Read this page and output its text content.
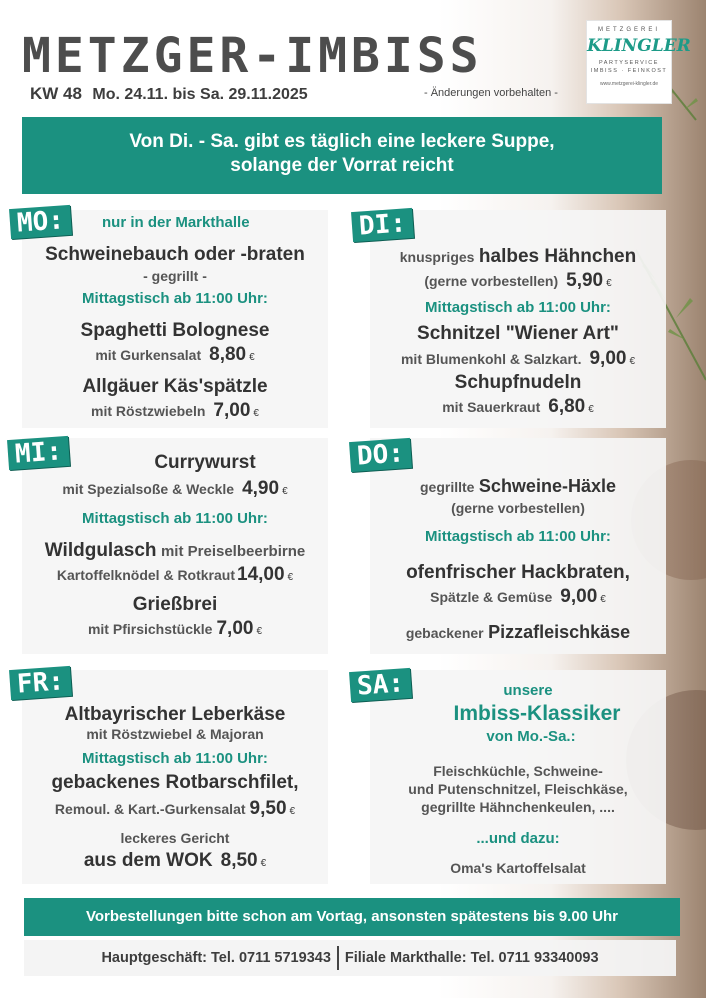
METZGER-IMBISS
KW 48 Mo. 24.11. bis Sa. 29.11.2025	- Änderungen vorbehalten -
METZGEREI
KLINGLER
PARTYSERVICE
IMBISS · FEINKOST
www.metzgerei-klingler.de
Von Di. - Sa. gibt es täglich eine leckere Suppe,
solange der Vorrat reicht
nur in der Markthalle
Schweinebauch oder -braten
- gegrillt -
Mittagstisch ab 11:00 Uhr:
Spaghetti Bolognese
mit Gurkensalat 8,80 €
Allgäuer Käs'spätzle
mit Röstzwiebeln 7,00 €
MO:
knuspriges halbes Hähnchen
(gerne vorbestellen) 5,90 €
Mittagstisch ab 11:00 Uhr:
Schnitzel "Wiener Art"
mit Blumenkohl & Salzkart. 9,00 €
Schupfnudeln
mit Sauerkraut 6,80 €
DI:
Currywurst
mit Spezialsoße & Weckle 4,90 €
Mittagstisch ab 11:00 Uhr:
Wildgulasch mit Preiselbeerbirne
Kartoffelknödel & Rotkraut 14,00 €
Grießbrei
mit Pfirsichstückle 7,00 €
MI:
gegrillte Schweine-Häxle
(gerne vorbestellen)
Mittagstisch ab 11:00 Uhr:
ofenfrischer Hackbraten,
Spätzle & Gemüse 9,00 €
gebackener Pizzafleischkäse
DO:
Altbayrischer Leberkäse
mit Röstzwiebel & Majoran
Mittagstisch ab 11:00 Uhr:
gebackenes Rotbarschfilet,
Remoul. & Kart.-Gurkensalat 9,50 €
leckeres Gericht
aus dem WOK 8,50 €
FR:	unsere
Imbiss-Klassiker
von Mo.-Sa.:
Fleischküchle, Schweine-
und Putenschnitzel, Fleischkäse,
gegrillte Hähnchenkeulen, ....
...und dazu:
Oma's Kartoffelsalat
SA:
Vorbestellungen bitte schon am Vortag, ansonsten spätestens bis 9.00 Uhr
Hauptgeschäft: Tel. 0711 5719343 Filiale Markthalle: Tel. 0711 93340093
